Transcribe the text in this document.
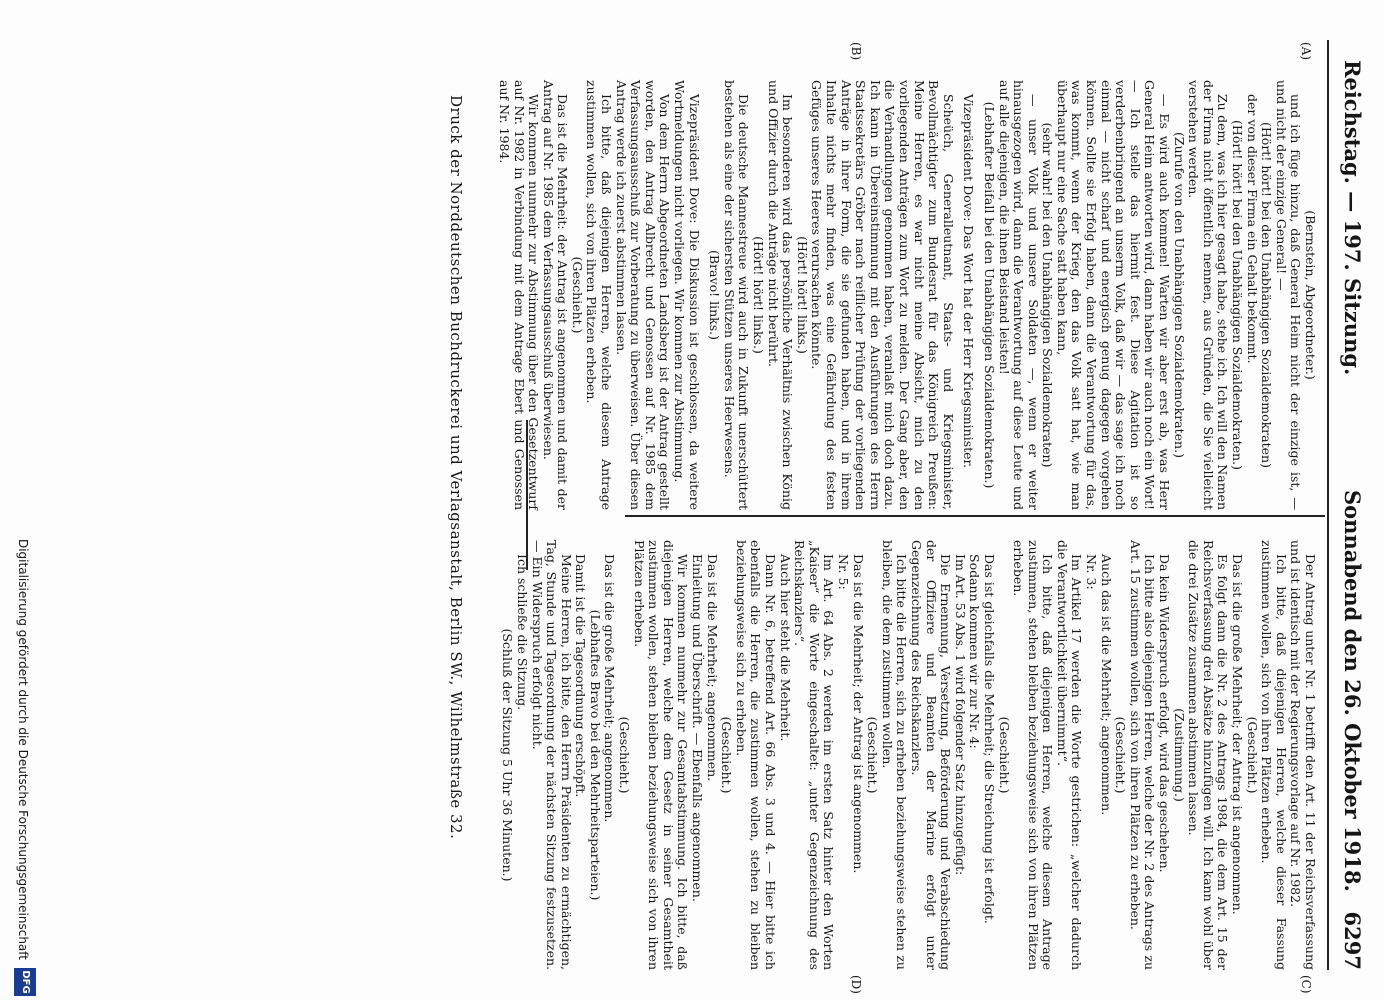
Reichstag. — 197. Sitzung.
Sonnabend den 26. Oktober 1918.
6297
(A)
(B)
(C)
(D)

(Bernstein, Abgeordneter.)

und ich füge hinzu, daß General Heim nicht der einzige ist, — und nicht der einzige General! —

(Hört! hört! bei den Unabhängigen Sozialdemokraten)

der von dieser Firma ein Gehalt bekommt.

(Hört! hört! bei den Unabhängigen Sozialdemokraten.)

Zu dem, was ich hier gesagt habe, stehe ich. Ich will den Namen der Firma nicht öffentlich nennen, aus Gründen, die Sie vielleicht verstehen werden.

(Zurufe von den Unabhängigen Sozialdemokraten.)

— Es wird auch kommen! Warten wir aber erst ab, was Herr General Heim antworten wird, dann haben wir auch noch ein Wort! — Ich stelle das hiermit fest. Diese Agitation ist so verderbenbringend an unserm Volk, daß wir — das sage ich noch einmal — nicht scharf und energisch genug dagegen vorgehen können. Sollte sie Erfolg haben, dann die Verantwortung für das, was kommt, wenn der Krieg, den das Volk satt hat, wie man überhaupt nur eine Sache satt haben kann,

(sehr wahr! bei den Unabhängigen Sozialdemokraten)

— unser Volk und unsere Soldaten —, wenn er weiter hinausgezogen wird, dann die Verantwortung auf diese Leute und auf alle diejenigen, die ihnen Beistand leisten!

(Lebhafter Beifall bei den Unabhängigen Sozialdemokraten.)

Vizepräsident Dove: Das Wort hat der Herr Kriegsminister.

Scheüch, Generalleutnant, Staats- und Kriegsminister, Bevollmächtigter zum Bundesrat für das Königreich Preußen: Meine Herren, es war nicht meine Absicht, mich zu den vorliegenden Anträgen zum Wort zu melden. Der Gang aber, den die Verhandlungen genommen haben, veranlaßt mich doch dazu. Ich kann in Übereinstimmung mit den Ausführungen des Herrn Staatssekretärs Gröber nach reiflicher Prüfung der vorliegenden Anträge in ihrer Form, die sie gefunden haben, und in ihrem Inhalte nichts mehr finden, was eine Gefährdung des festen Gefüges unseres Heeres verursachen könnte.

(Hört! hört! links.)

Im besonderen wird das persönliche Verhältnis zwischen König und Offizier durch die Anträge nicht berührt.

(Hört! hört! links.)

Die deutsche Mannestreue wird auch in Zukunft unerschüttert bestehen als eine der sichersten Stützen unseres Heerwesens.

(Bravo! links.)

Vizepräsident Dove: Die Diskussion ist geschlossen, da weitere Wortmeldungen nicht vorliegen. Wir kommen zur Abstimmung.

Von dem Herrn Abgeordneten Landsberg ist der Antrag gestellt worden, den Antrag Albrecht und Genossen auf Nr. 1985 dem Verfassungsausschuß zur Vorberatung zu überweisen. Über diesen Antrag werde ich zuerst abstimmen lassen.

Ich bitte, daß diejenigen Herren, welche diesem Antrage zustimmen wollen, sich von ihren Plätzen erheben.

(Geschieht.)

Das ist die Mehrheit: der Antrag ist angenommen und damit der Antrag auf Nr. 1985 dem Verfassungsausschuß überwiesen.

Wir kommen nunmehr zur Abstimmung über den Gesetzentwurf auf Nr. 1982 in Verbindung mit dem Antrage Ebert und Genossen auf Nr. 1984.

Der Antrag unter Nr. 1 betrifft den Art. 11 der Reichsverfassung und ist identisch mit der Regierungsvorlage auf Nr. 1982.

Ich bitte, daß diejenigen Herren, welche dieser Fassung zustimmen wollen, sich von ihren Plätzen erheben.

(Geschieht.)

Das ist die große Mehrheit; der Antrag ist angenommen.

Es folgt dann die Nr. 2 des Antrags 1984, die dem Art. 15 der Reichsverfassung drei Absätze hinzufügen will. Ich kann wohl über die drei Zusätze zusammen abstimmen lassen.

(Zustimmung.)

Da kein Widerspruch erfolgt, wird das geschehen.

Ich bitte also diejenigen Herren, welche der Nr. 2 des Antrags zu Art. 15 zustimmen wollen, sich von ihren Plätzen zu erheben.

(Geschieht.)

Auch das ist die Mehrheit; angenommen.

Nr. 3:

Im Artikel 17 werden die Worte gestrichen: „welcher dadurch die Verantwortlichkeit übernimmt“.

Ich bitte, daß diejenigen Herren, welche diesem Antrage zustimmen, stehen bleiben beziehungsweise sich von ihren Plätzen erheben.

(Geschieht.)

Das ist gleichfalls die Mehrheit; die Streichung ist erfolgt.

Sodann kommen wir zur Nr. 4:

Im Art. 53 Abs. 1 wird folgender Satz hinzugefügt:

Die Ernennung, Versetzung, Beförderung und Verabschiedung der Offiziere und Beamten der Marine erfolgt unter Gegenzeichnung des Reichskanzlers.

Ich bitte die Herren, sich zu erheben beziehungsweise stehen zu bleiben, die dem zustimmen wollen.

(Geschieht.)

Das ist die Mehrheit; der Antrag ist angenommen.

Nr. 5:

Im Art. 64 Abs. 2 werden im ersten Satz hinter den Worten „Kaiser“ die Worte eingeschaltet: „unter Gegenzeichnung des Reichskanzlers“.

Auch hier steht die Mehrheit.

Dann Nr. 6, betreffend Art. 66 Abs. 3 und 4. — Hier bitte ich ebenfalls die Herren, die zustimmen wollen, stehen zu bleiben beziehungsweise sich zu erheben.

(Geschieht.)

Das ist die Mehrheit; angenommen.

Einleitung und Überschrift. — Ebenfalls angenommen.

Wir kommen nunmehr zur Gesamtabstimmung. Ich bitte, daß diejenigen Herren, welche dem Gesetz in seiner Gesamtheit zustimmen wollen, stehen bleiben beziehungsweise sich von ihren Plätzen erheben.

(Geschieht.)

Das ist die große Mehrheit; angenommen.

(Lebhaftes Bravo bei den Mehrheitsparteien.)

Damit ist die Tagesordnung erschöpft.

Meine Herren, ich bitte, den Herrn Präsidenten zu ermächtigen, Tag, Stunde und Tagesordnung der nächsten Sitzung festzusetzen. — Ein Widerspruch erfolgt nicht.

Ich schließe die Sitzung.

(Schluß der Sitzung 5 Uhr 36 Minuten.)

Druck der Norddeutschen Buchdruckerei und Verlagsanstalt, Berlin SW., Wilhelmstraße 32.
Digitalisierung gefördert durch die Deutsche Forschungsgemeinschaft
DFG
